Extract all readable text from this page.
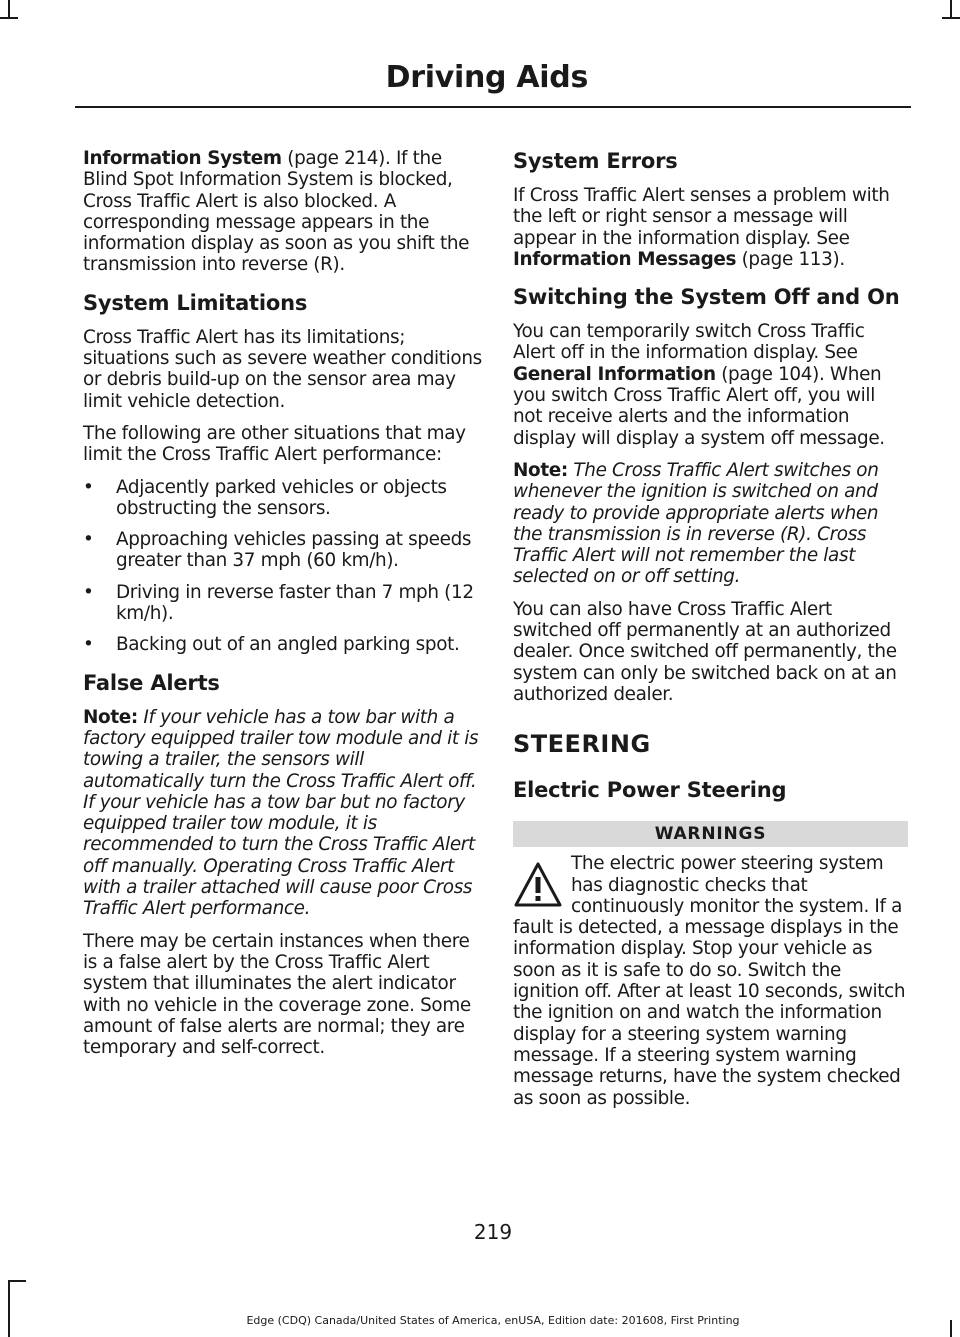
Driving Aids

Information System (page 214). If the Blind Spot Information System is blocked, Cross Traffic Alert is also blocked. A corresponding message appears in the information display as soon as you shift the transmission into reverse (R).

System Limitations

Cross Traffic Alert has its limitations; situations such as severe weather conditions or debris build-up on the sensor area may limit vehicle detection.

The following are other situations that may limit the Cross Traffic Alert performance:

• Adjacently parked vehicles or objects obstructing the sensors.
• Approaching vehicles passing at speeds greater than 37 mph (60 km/h).
• Driving in reverse faster than 7 mph (12 km/h).
• Backing out of an angled parking spot.
False Alerts

Note: If your vehicle has a tow bar with a factory equipped trailer tow module and it is towing a trailer, the sensors will automatically turn the Cross Traffic Alert off. If your vehicle has a tow bar but no factory equipped trailer tow module, it is recommended to turn the Cross Traffic Alert off manually. Operating Cross Traffic Alert with a trailer attached will cause poor Cross Traffic Alert performance.

There may be certain instances when there is a false alert by the Cross Traffic Alert system that illuminates the alert indicator with no vehicle in the coverage zone. Some amount of false alerts are normal; they are temporary and self-correct.

System Errors

If Cross Traffic Alert senses a problem with the left or right sensor a message will appear in the information display. See Information Messages (page 113).

Switching the System Off and On

You can temporarily switch Cross Traffic Alert off in the information display. See General Information (page 104). When you switch Cross Traffic Alert off, you will not receive alerts and the information display will display a system off message.

Note: The Cross Traffic Alert switches on whenever the ignition is switched on and ready to provide appropriate alerts when the transmission is in reverse (R). Cross Traffic Alert will not remember the last selected on or off setting.

You can also have Cross Traffic Alert switched off permanently at an authorized dealer. Once switched off permanently, the system can only be switched back on at an authorized dealer.

STEERING
Electric Power Steering
WARNINGS
The electric power steering system has diagnostic checks that continuously monitor the system. If a fault is detected, a message displays in the information display. Stop your vehicle as soon as it is safe to do so. Switch the ignition off. After at least 10 seconds, switch the ignition on and watch the information display for a steering system warning message. If a steering system warning message returns, have the system checked as soon as possible.
219
Edge (CDQ) Canada/United States of America, enUSA, Edition date: 201608, First Printing
